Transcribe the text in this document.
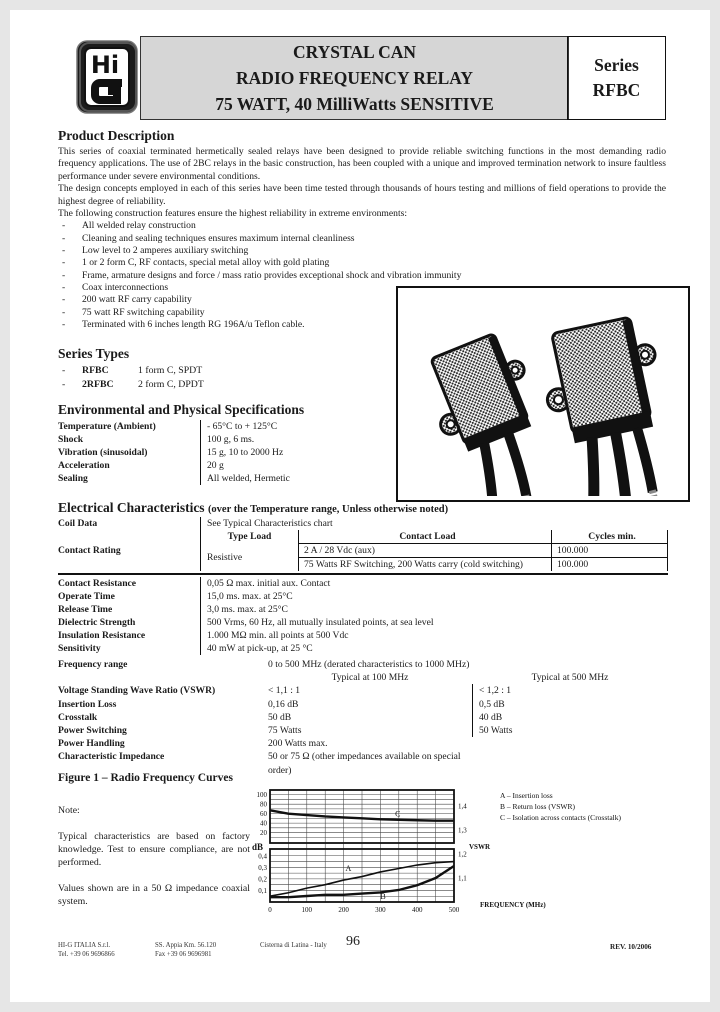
Hi	CRYSTAL CAN
RADIO FREQUENCY RELAY
75 WATT, 40 MilliWatts SENSITIVE
Series
RFBC
Product Description

This series of coaxial terminated hermetically sealed relays have been designed to provide reliable switching functions in the most demanding radio frequency applications. The use of 2BC relays in the basic construction, has been coupled with a unique and improved termination network to insure faultless performance under severe environmental conditions.

The design concepts employed in each of this series have been time tested through thousands of hours testing and millions of field operations to provide the highest degree of reliability.

The following construction features ensure the highest reliability in extreme environments:

-	All welded relay construction
-	Cleaning and sealing techniques ensures maximum internal cleanliness
-	Low level to 2 amperes auxiliary switching
-	1 or 2 form C, RF contacts, special metal alloy with gold plating
-	Frame, armature designs and force / mass ratio provides exceptional shock and vibration immunity
-	Coax interconnections
-	200 watt RF carry capability
-	75 watt RF switching capability
-	Terminated with 6 inches length RG 196A/u Teflon cable.
Series Types
-	RFBC	1 form C, SPDT
-	2RFBC	2 form C, DPDT
Environmental and Physical Specifications
Temperature (Ambient)	- 65°C to + 125°C
Shock	100 g, 6 ms.
Vibration (sinusoidal)	15 g, 10 to 2000 Hz
Acceleration	20 g
Sealing	All welded, Hermetic
Electrical Characteristics (over the Temperature range, Unless otherwise noted)
Coil Data	See Typical Characteristics chart
Contact Rating
Type Load	Contact Load	Cycles min.
Resistive
2 A / 28 Vdc (aux)	100.000
75 Watts RF Switching, 200 Watts carry (cold switching)	100.000
Contact Resistance	0,05 Ω max. initial aux. Contact
Operate Time	15,0 ms. max. at 25°C
Release Time	3,0 ms. max. at 25°C
Dielectric Strength	500 Vrms, 60 Hz, all mutually insulated points, at sea level
Insulation Resistance	1.000 MΩ min. all points at 500 Vdc
Sensitivity	40 mW at pick-up, at 25 °C
Frequency range	0 to 500 MHz (derated characteristics to 1000 MHz)
Typical at 100 MHz	Typical at 500 MHz
Voltage Standing Wave Ratio (VSWR)	< 1,1 : 1	< 1,2 : 1
Insertion Loss	0,16 dB	0,5 dB
Crosstalk	50 dB	40 dB
Power Switching	75 Watts	50 Watts
Power Handling	200 Watts max.
Characteristic Impedance	50 or 75 Ω (other impedances available on special order)
Figure 1 – Radio Frequency Curves

Note:

Typical characteristics are based on factory knowledge. Test to ensure compliance, are not performed.

Values shown are in a 50 Ω impedance coaxial system.

100
80
60
40
20
0,4
0,3
0,2
0,1
1,4
1,3
1,2
1,1
0	100	200	300	400	500
dB	VSWR
FREQUENCY (MHz)
A
A – Insertion loss
B
B – Return loss (VSWR)
C	C – Isolation across contacts (Crosstalk)
HI-G ITALIA S.r.l.
Tel. +39 06 9696866
SS. Appia Km. 56.120
Fax +39 06 9696981
Cisterna di Latina - Italy 96	REV. 10/2006
